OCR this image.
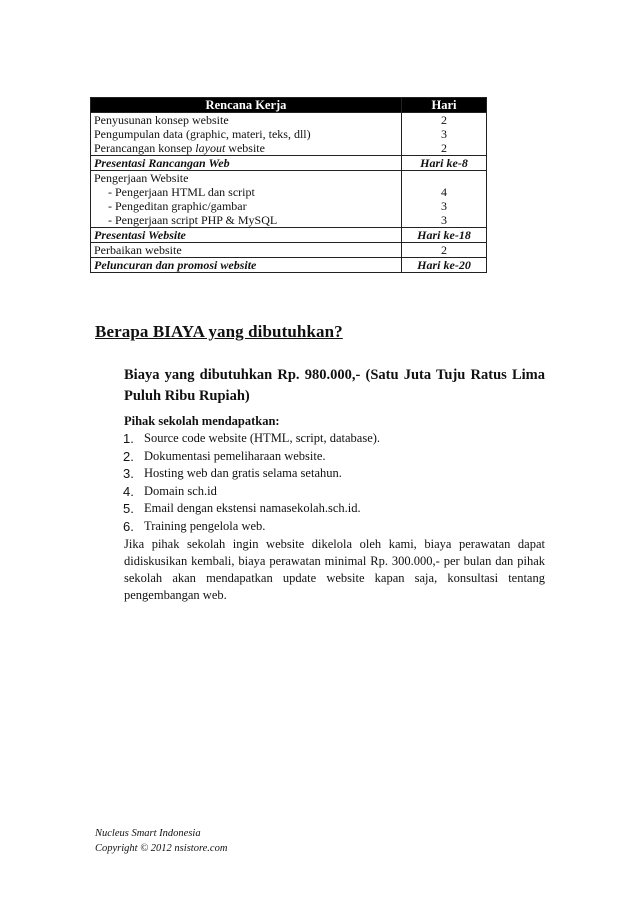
Rencana Kerja	Hari
Penyusunan konsep website	2
Pengumpulan data (graphic, materi, teks, dll)	3
Perancangan konsep layout website	2
Presentasi Rancangan Web	Hari ke-8
Pengerjaan Website	
- Pengerjaan HTML dan script	4
- Pengeditan graphic/gambar	3
- Pengerjaan script PHP & MySQL	3
Presentasi Website	Hari ke-18
Perbaikan website	2
Peluncuran dan promosi website	Hari ke-20
Berapa BIAYA yang dibutuhkan?
Biaya yang dibutuhkan Rp. 980.000,- (Satu Juta Tuju Ratus Lima Puluh Ribu Rupiah)
Pihak sekolah mendapatkan:
1. Source code website (HTML, script, database).
2. Dokumentasi pemeliharaan website.
3. Hosting web dan gratis selama setahun.
4. Domain sch.id
5. Email dengan ekstensi namasekolah.sch.id.
6. Training pengelola web.

Jika pihak sekolah ingin website dikelola oleh kami, biaya perawatan dapat didiskusikan kembali, biaya perawatan minimal Rp. 300.000,- per bulan dan pihak sekolah akan mendapatkan update website kapan saja, konsultasi tentang pengembangan web.

Nucleus Smart Indonesia
Copyright © 2012 nsistore.com
